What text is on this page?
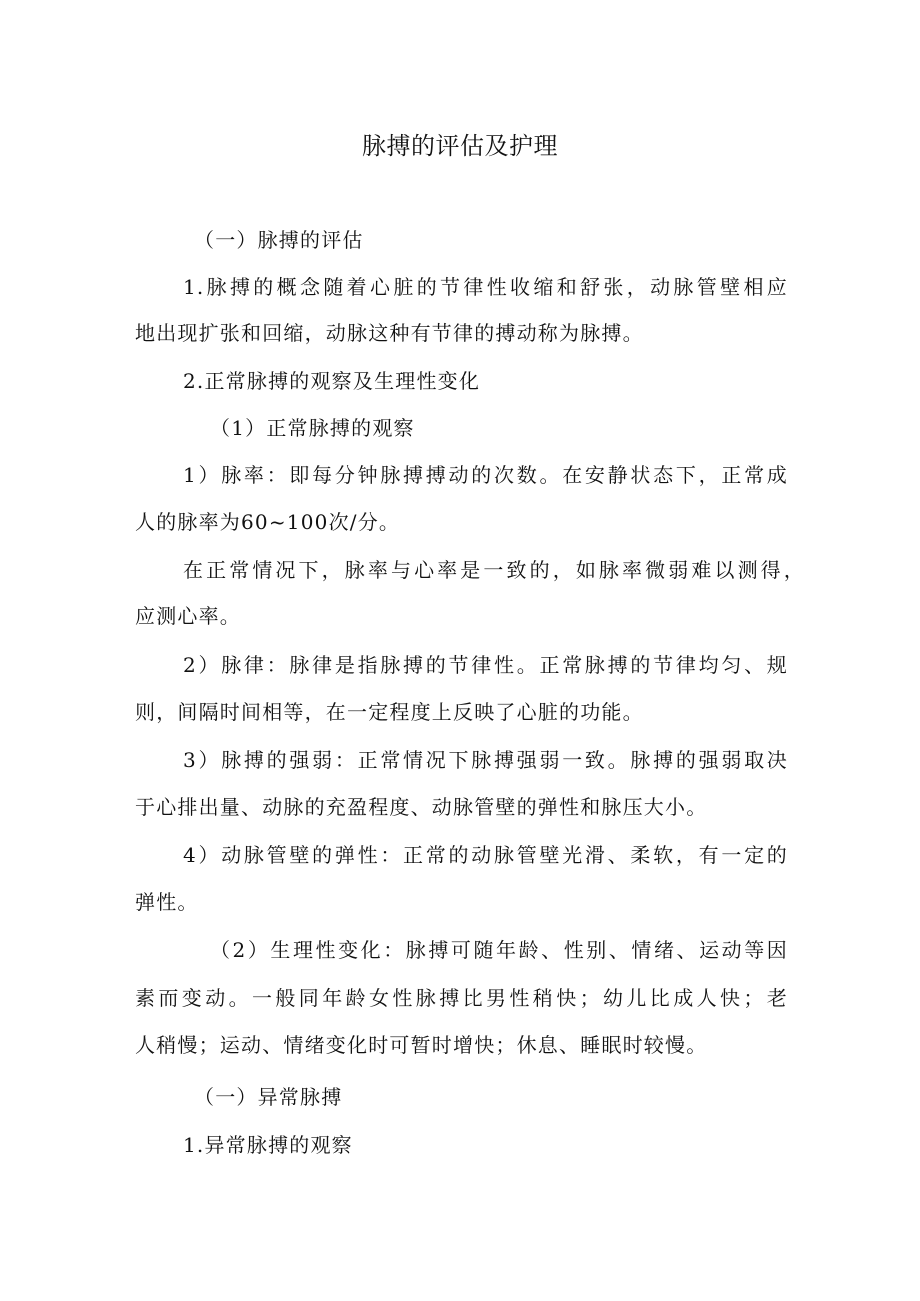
脉搏的评估及护理
（一）脉搏的评估
1.脉搏的概念随着心脏的节律性收缩和舒张，动脉管壁相应
地出现扩张和回缩，动脉这种有节律的搏动称为脉搏。
2.正常脉搏的观察及生理性变化
（1）正常脉搏的观察
1）脉率：即每分钟脉搏搏动的次数。在安静状态下，正常成
人的脉率为60~100次/分。
在正常情况下，脉率与心率是一致的，如脉率微弱难以测得，
应测心率。
2）脉律：脉律是指脉搏的节律性。正常脉搏的节律均匀、规
则，间隔时间相等，在一定程度上反映了心脏的功能。
3）脉搏的强弱：正常情况下脉搏强弱一致。脉搏的强弱取决
于心排出量、动脉的充盈程度、动脉管壁的弹性和脉压大小。
4）动脉管壁的弹性：正常的动脉管壁光滑、柔软，有一定的
弹性。
（2）生理性变化：脉搏可随年龄、性别、情绪、运动等因
素而变动。一般同年龄女性脉搏比男性稍快；幼儿比成人快；老
人稍慢；运动、情绪变化时可暂时增快；休息、睡眠时较慢。
（一）异常脉搏
1.异常脉搏的观察
